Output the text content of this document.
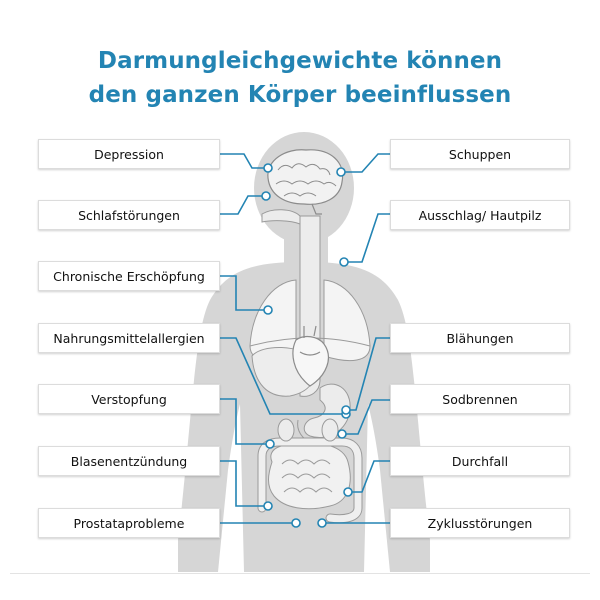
Darmungleichgewichte können
den ganzen Körper beeinflussen
Depression
Schlafstörungen
Chronische Erschöpfung
Nahrungsmittelallergien
Verstopfung
Blasenentzündung
Prostataprobleme
Schuppen
Ausschlag/ Hautpilz
Blähungen
Sodbrennen
Durchfall
Zyklusstörungen
